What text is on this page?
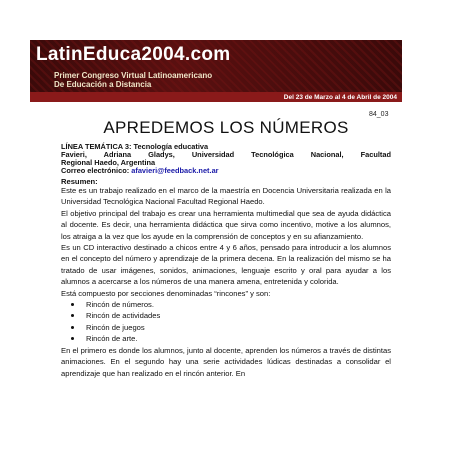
LatinEduca2004.com
Primer Congreso Virtual Latinoamericano
De Educación a Distancia
Del 23 de Marzo al 4 de Abril de 2004
84_03
APREDEMOS LOS NÚMEROS
LÍNEA TEMÁTICA 3: Tecnología educativa
Favieri, Adriana Gladys, Universidad Tecnológica Nacional, Facultad
Regional Haedo, Argentina
Correo electrónico: afavieri@feedback.net.ar
Resumen:

Este es un trabajo realizado en el marco de la maestría en Docencia Universitaria realizada en la Universidad Tecnológica Nacional Facultad Regional Haedo.

El objetivo principal del trabajo es crear una herramienta multimedial que sea de ayuda didáctica al docente. Es decir, una herramienta didáctica que sirva como incentivo, motive a los alumnos, los atraiga a la vez que los ayude en la comprensión de conceptos y en su afianzamiento.

Es un CD interactivo destinado a chicos entre 4 y 6 años, pensado para introducir a los alumnos en el concepto del número y aprendizaje de la primera decena. En la realización del mismo se ha tratado de usar imágenes, sonidos, animaciones, lenguaje escrito y oral para ayudar a los alumnos a acercarse a los números de una manera amena, entretenida y colorida.

Está compuesto por secciones denominadas “rincones” y son:

Rincón de números.
Rincón de actividades
Rincón de juegos
Rincón de arte.

En el primero es donde los alumnos, junto al docente, aprenden los números a través de distintas animaciones. En el segundo hay una serie actividades lúdicas destinadas a consolidar el aprendizaje que han realizado en el rincón anterior. En
